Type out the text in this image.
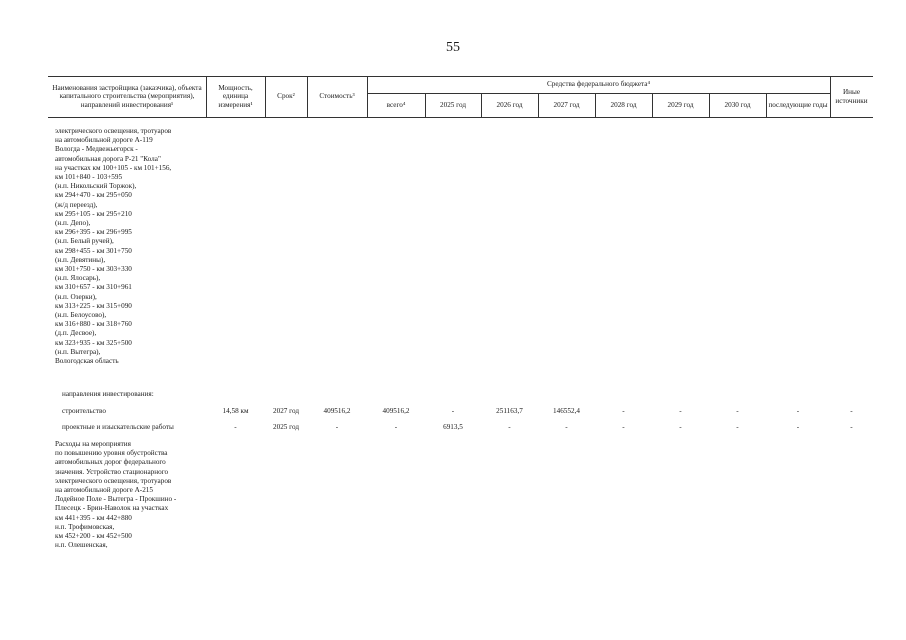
55
Наименования застройщика (заказчика), объекта капитального строительства (мероприятия), направлений инвестирования¹
Мощность, единица измерения¹
Срок²	Стоимость³
Средства федерального бюджета⁴
Иные источники
всего⁴	2025 год	2026 год	2027 год	2028 год	2029 год	2030 год	последующие годы
электрического освещения, тротуаров
на автомобильной дороге А-119
Вологда - Медвежьегорск -
автомобильная дорога Р-21 "Кола"
на участках км 100+105 - км 101+156,
км 101+840 - 103+595
(н.п. Никольский Торжок),
км 294+470 - км 295+050
(ж/д переезд),
км 295+105 - км 295+210
(н.п. Депо),
км 296+395 - км 296+995
(н.п. Белый ручей),
км 298+455 - км 301+750
(н.п. Девятины),
км 301+750 - км 303+330
(н.п. Ялосарь),
км 310+657 - км 310+961
(н.п. Озерки),
км 313+225 - км 315+090
(н.п. Белоусово),
км 316+880 - км 318+760
(д.п. Десвое),
км 323+935 - км 325+500
(н.п. Вытегра),
Вологодская область
направления инвестирования:
строительство	14,58 км	2027 год	409516,2	409516,2	-	251163,7	146552,4	-	-	-	-	-
проектные и изыскательские работы	-	2025 год	-	-	6913,5	-	-	-	-	-	-	-
Расходы на мероприятия
по повышению уровня обустройства
автомобильных дорог федерального
значения. Устройство стационарного
электрического освещения, тротуаров
на автомобильной дороге А-215
Лодейное Поле - Вытегра - Прокшино -
Плесецк - Брин-Наволок на участках
км 441+395 - км 442+880
н.п. Трофимовская,
км 452+200 - км 452+500
н.п. Олешенская,
